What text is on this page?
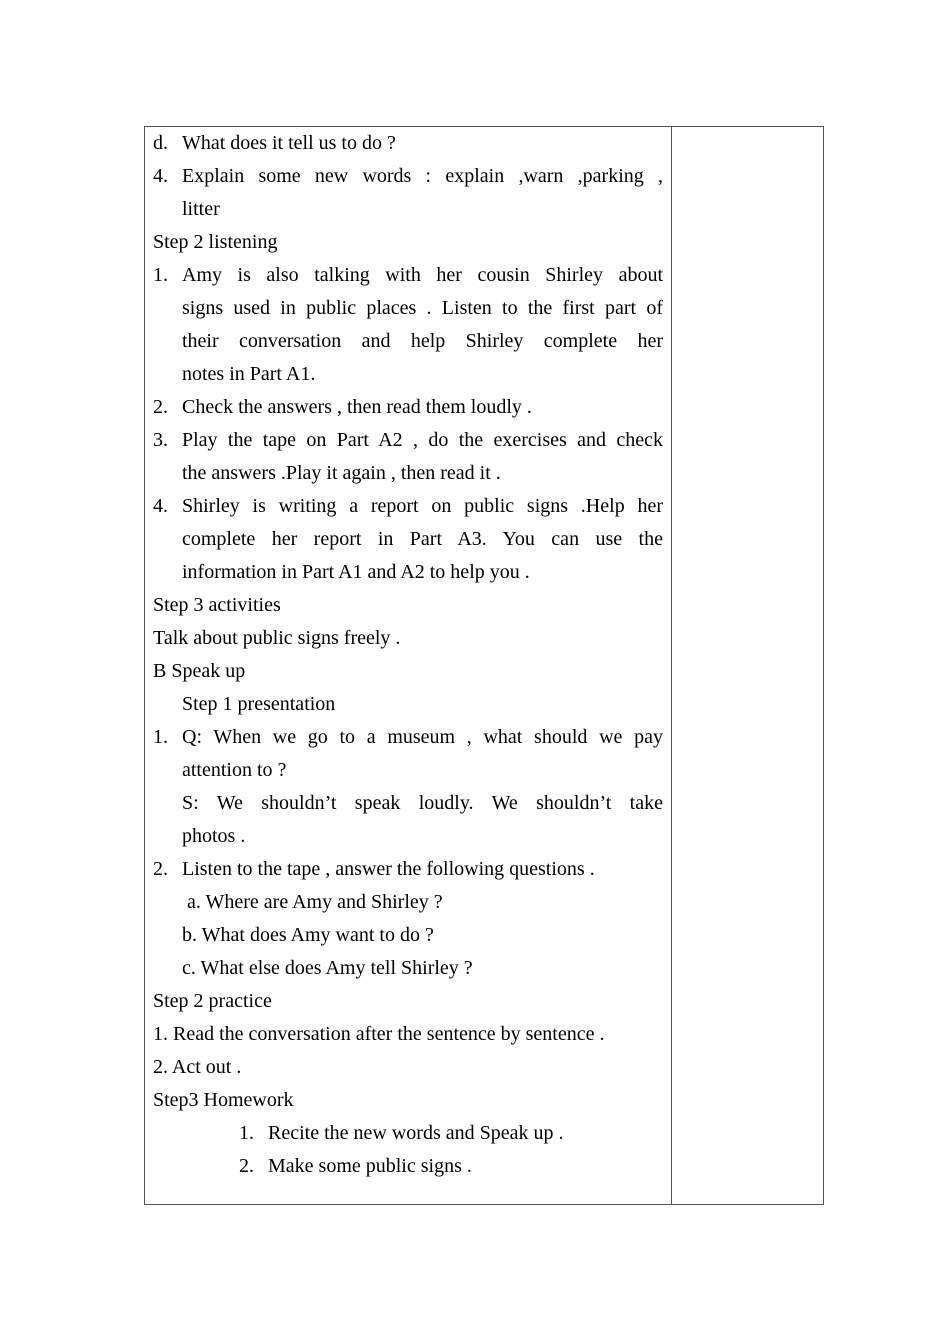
d. What does it tell us to do ?
4. Explain some new words : explain ,warn ,parking ,
litter
Step 2 listening
1. Amy is also talking with her cousin Shirley about
signs used in public places . Listen to the first part of
their conversation and help Shirley complete her
notes in Part A1.
2. Check the answers , then read them loudly .
3. Play the tape on Part A2 , do the exercises and check
the answers .Play it again , then read it .
4. Shirley is writing a report on public signs .Help her
complete her report in Part A3. You can use the
information in Part A1 and A2 to help you .
Step 3 activities
Talk about public signs freely .
B Speak up
Step 1 presentation
1. Q: When we go to a museum , what should we pay
attention to ?
S: We shouldn’t speak loudly. We shouldn’t take
photos .
2. Listen to the tape , answer the following questions .
a. Where are Amy and Shirley ?
b. What does Amy want to do ?
c. What else does Amy tell Shirley ?
Step 2 practice
1. Read the conversation after the sentence by sentence .
2. Act out .
Step3 Homework
1. Recite the new words and Speak up .
2. Make some public signs .
